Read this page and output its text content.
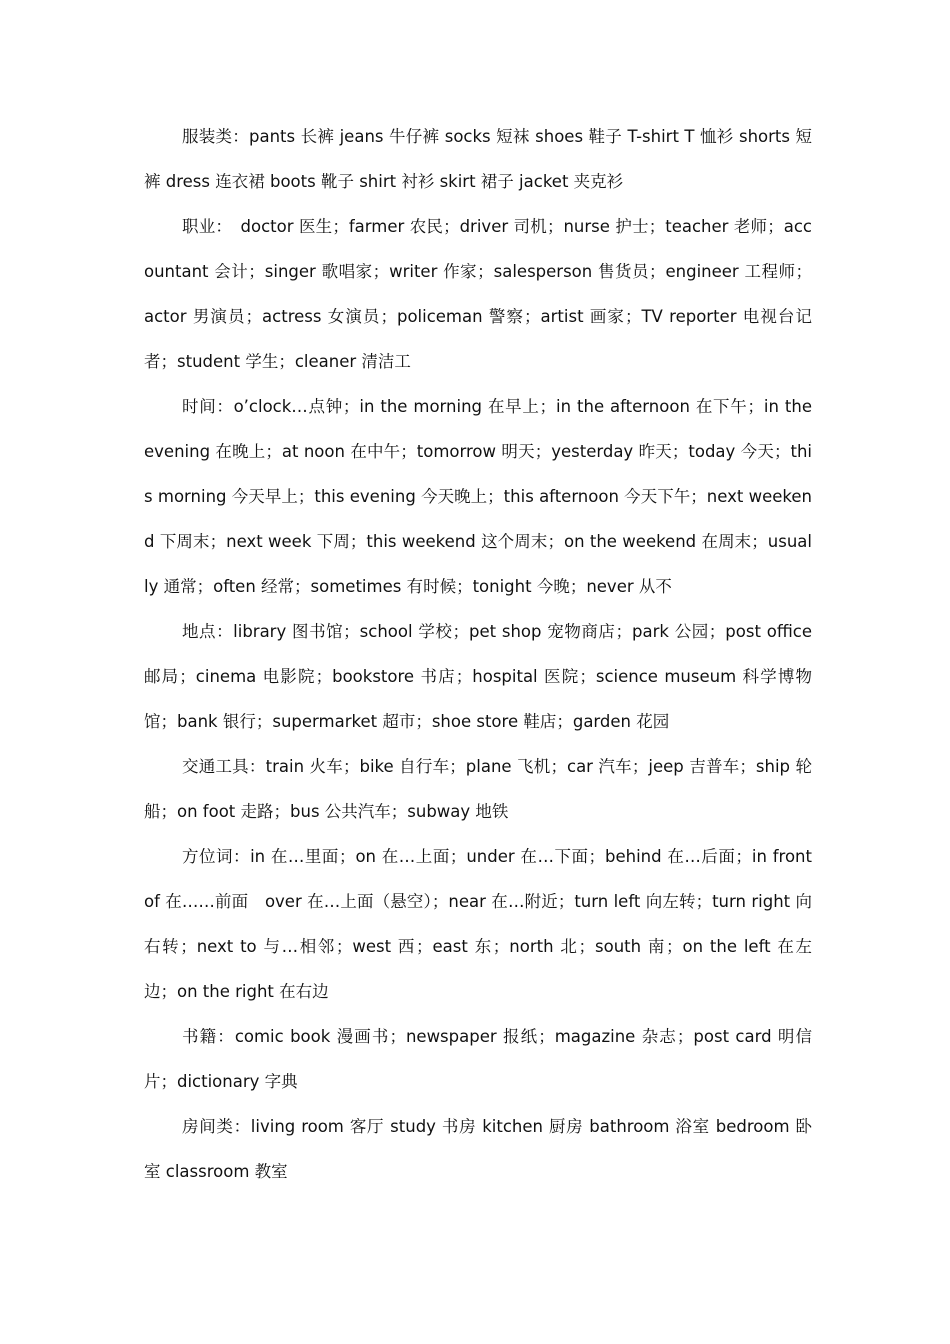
服装类：pants 长裤 jeans 牛仔裤 socks 短袜 shoes 鞋子 T-shirt T 恤衫 shorts 短裤 dress 连衣裙 boots 靴子 shirt 衬衫 skirt 裙子 jacket 夹克衫

职业：　doctor 医生；farmer 农民；driver 司机；nurse 护士；teacher 老师；accountant 会计；singer 歌唱家；writer 作家；salesperson 售货员；engineer 工程师；actor 男演员；actress 女演员；policeman 警察；artist 画家；TV reporter 电视台记者；student 学生；cleaner 清洁工

时间：o’clock…点钟；in the morning 在早上；in the afternoon 在下午；in the evening 在晚上；at noon 在中午；tomorrow 明天；yesterday 昨天；today 今天；this morning 今天早上；this evening 今天晚上；this afternoon 今天下午；next weekend 下周末；next week 下周；this weekend 这个周末；on the weekend 在周末；usually 通常；often 经常；sometimes 有时候；tonight 今晚；never 从不

地点：library 图书馆；school 学校；pet shop 宠物商店；park 公园；post office 邮局；cinema 电影院；bookstore 书店；hospital 医院；science museum 科学博物馆；bank 银行；supermarket 超市；shoe store 鞋店；garden 花园

交通工具：train 火车；bike 自行车；plane 飞机；car 汽车；jeep 吉普车；ship 轮船；on foot 走路；bus 公共汽车；subway 地铁

方位词：in 在…里面；on 在…上面；under 在…下面；behind 在…后面；in front of 在……前面　over 在…上面（悬空）；near 在…附近；turn left 向左转；turn right 向右转；next to 与…相邻；west 西；east 东；north 北；south 南；on the left 在左边；on the right 在右边

书籍：comic book 漫画书；newspaper 报纸；magazine 杂志；post card 明信片；dictionary 字典

房间类：living room 客厅 study 书房 kitchen 厨房 bathroom 浴室 bedroom 卧室 classroom 教室
